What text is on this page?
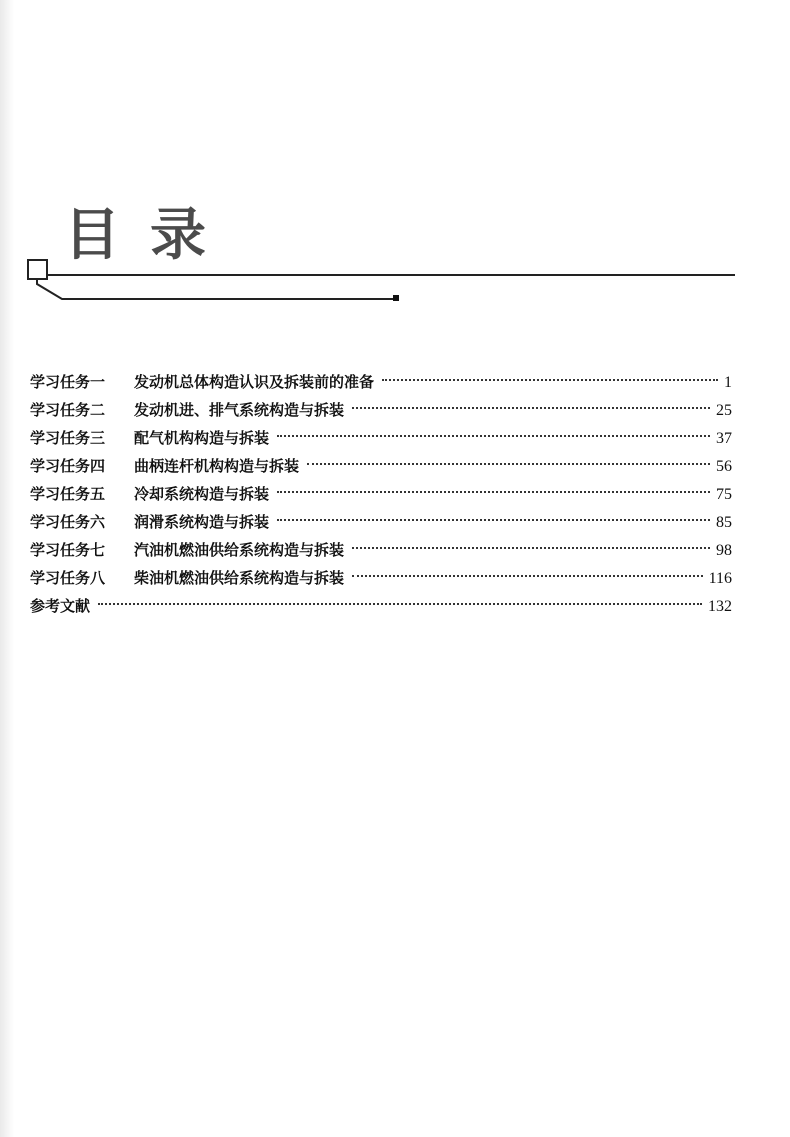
目录
学习任务一	发动机总体构造认识及拆装前的准备	1
学习任务二	发动机进、排气系统构造与拆装	25
学习任务三	配气机构构造与拆装	37
学习任务四	曲柄连杆机构构造与拆装	56
学习任务五	冷却系统构造与拆装	75
学习任务六	润滑系统构造与拆装	85
学习任务七	汽油机燃油供给系统构造与拆装	98
学习任务八	柴油机燃油供给系统构造与拆装	116
参考文献	132
